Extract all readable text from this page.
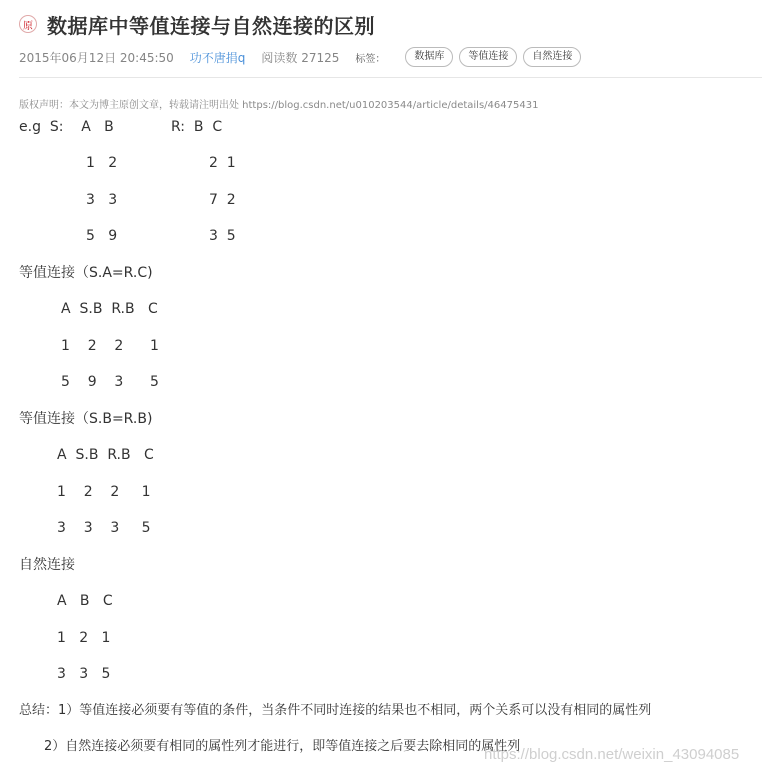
原 数据库中等值连接与自然连接的区别
2015年06月12日 20:45:50 功不唐捐q 阅读数 27125 标签：	数据库	等值连接	自然连接
版权声明：本文为博主原创文章，转载请注明出处 https://blog.csdn.net/u010203544/article/details/46475431
e.g  S:    A   B	R:  B  C
1   2	2  1
3   3	7  2
5   9	3  5
等值连接（S.A=R.C)
A  S.B  R.B   C
1    2    2      1
5    9    3      5
等值连接（S.B=R.B)
A  S.B  R.B   C
1    2    2     1
3    3    3     5
自然连接
A   B   C
1   2   1
3   3   5
总结：1）等值连接必须要有等值的条件，当条件不同时连接的结果也不相同，两个关系可以没有相同的属性列
2）自然连接必须要有相同的属性列才能进行，即等值连接之后要去除相同的属性列
https://blog.csdn.net/weixin_43094085
